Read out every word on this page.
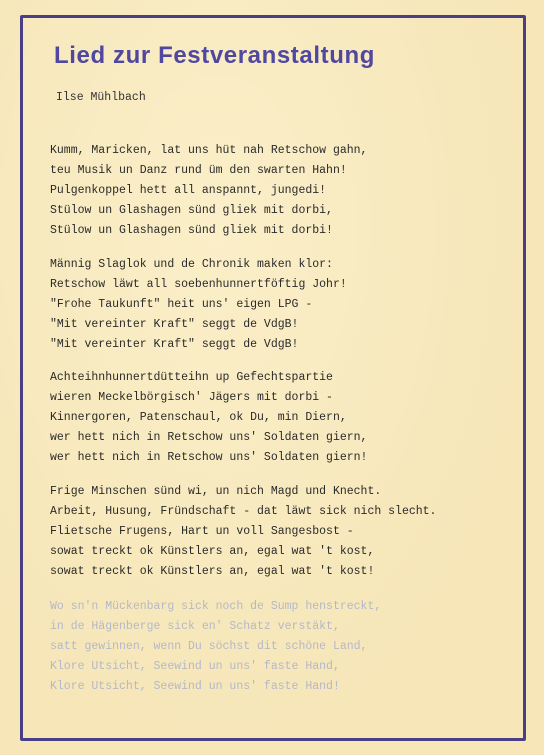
Lied zur Festveranstaltung
Ilse Mühlbach
Kumm, Maricken, lat uns hüt nah Retschow gahn,
teu Musik un Danz rund üm den swarten Hahn!
Pulgenkoppel hett all anspannt, jungedi!
Stülow un Glashagen sünd gliek mit dorbi,
Stülow un Glashagen sünd gliek mit dorbi!
Männig Slaglok und de Chronik maken klor:
Retschow läwt all soebenhunnertföftig Johr!
"Frohe Taukunft" heit uns' eigen LPG -
"Mit vereinter Kraft" seggt de VdgB!
"Mit vereinter Kraft" seggt de VdgB!
Achteihnhunnertdütteihn up Gefechtspartie
wieren Meckelbörgisch' Jägers mit dorbi -
Kinnergoren, Patenschaul, ok Du, min Diern,
wer hett nich in Retschow uns' Soldaten giern,
wer hett nich in Retschow uns' Soldaten giern!
Frige Minschen sünd wi, un nich Magd und Knecht.
Arbeit, Husung, Fründschaft - dat läwt sick nich slecht.
Flietsche Frugens, Hart un voll Sangesbost -
sowat treckt ok Künstlers an, egal wat 't kost,
sowat treckt ok Künstlers an, egal wat 't kost!
Wo sn'n Mückenbarg sick noch de Sump henstreckt,
in de Hägenberge sick en' Schatz verstäkt,
satt gewinnen, wenn Du söchst dit schöne Land,
Klore Utsicht, Seewind un uns' faste Hand,
Klore Utsicht, Seewind un uns' faste Hand!
